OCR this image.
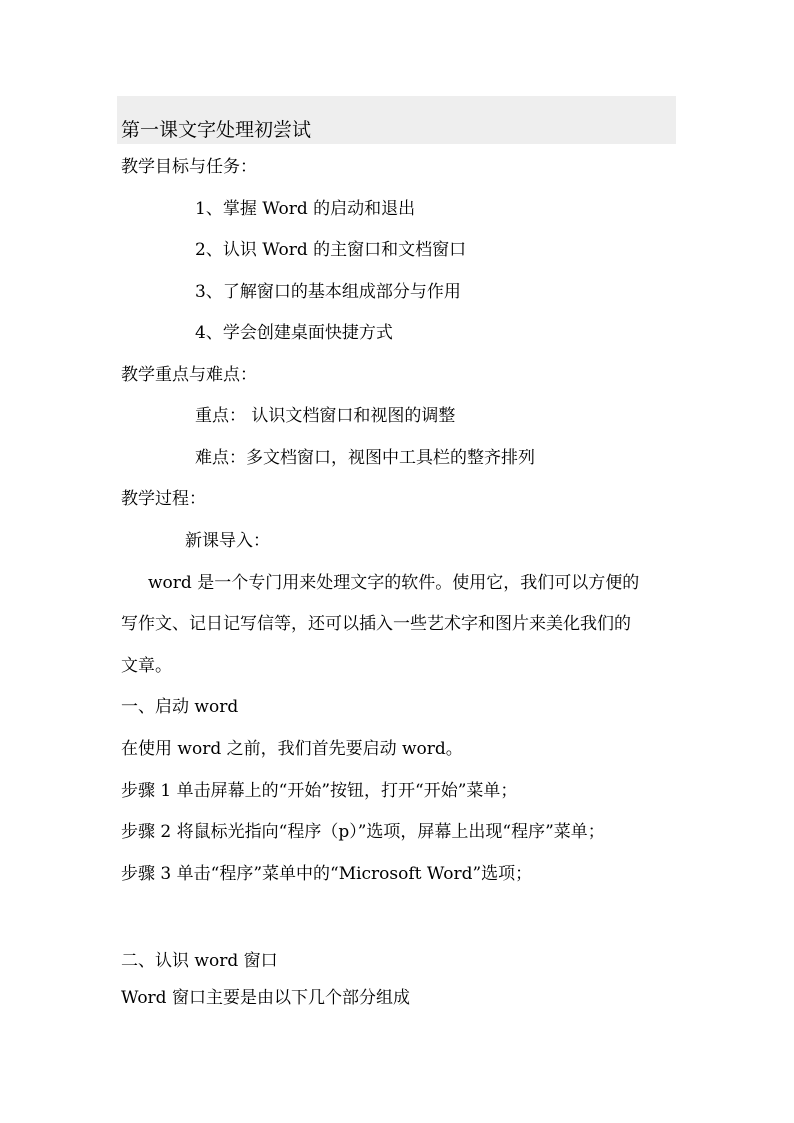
第一课文字处理初尝试
教学目标与任务：
1、掌握 Word 的启动和退出
2、认识 Word 的主窗口和文档窗口
3、了解窗口的基本组成部分与作用
4、学会创建桌面快捷方式
教学重点与难点：
重点： 认识文档窗口和视图的调整
难点：多文档窗口，视图中工具栏的整齐排列
教学过程：
新课导入：
word 是一个专门用来处理文字的软件。使用它，我们可以方便的
写作文、记日记写信等，还可以插入一些艺术字和图片来美化我们的
文章。
一、启动 word
在使用 word 之前，我们首先要启动 word。
步骤 1 单击屏幕上的“开始”按钮，打开“开始”菜单；
步骤 2 将鼠标光指向“程序（p）”选项，屏幕上出现“程序”菜单；
步骤 3 单击“程序”菜单中的“Microsoft Word”选项；
二、认识 word 窗口
Word 窗口主要是由以下几个部分组成
